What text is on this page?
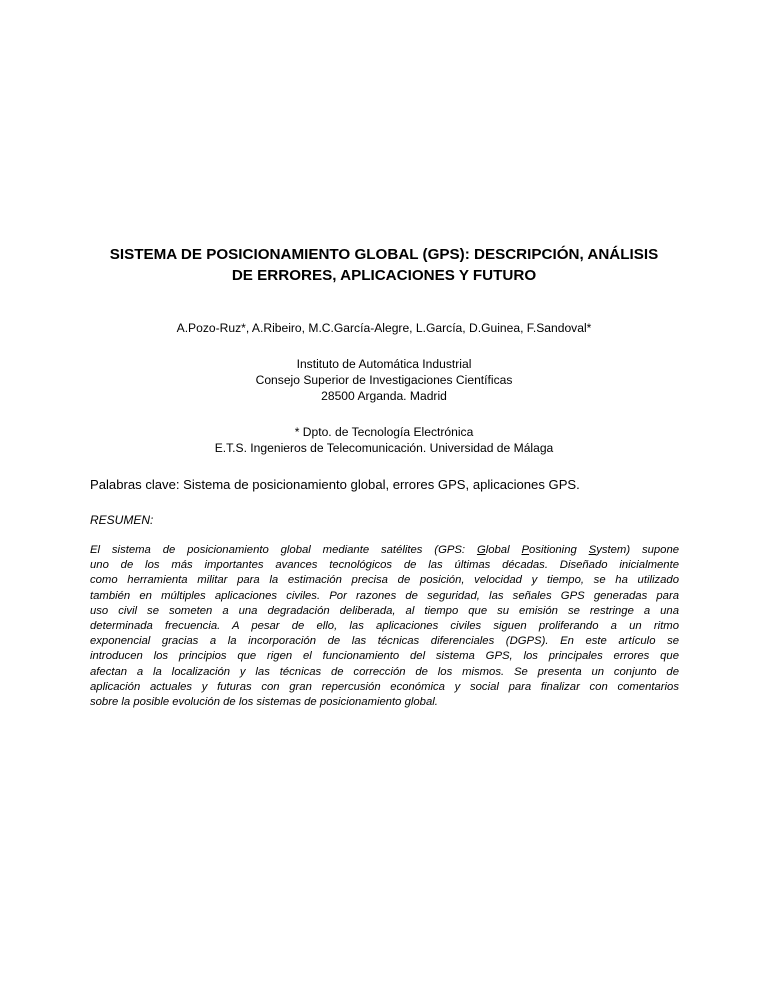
SISTEMA DE POSICIONAMIENTO GLOBAL (GPS): DESCRIPCIÓN, ANÁLISIS
DE ERRORES, APLICACIONES Y FUTURO

A.Pozo-Ruz*, A.Ribeiro, M.C.García-Alegre, L.García, D.Guinea, F.Sandoval*

Instituto de Automática Industrial

Consejo Superior de Investigaciones Científicas

28500 Arganda. Madrid

* Dpto. de Tecnología Electrónica

E.T.S. Ingenieros de Telecomunicación. Universidad de Málaga

Palabras clave: Sistema de posicionamiento global, errores GPS, aplicaciones GPS.

RESUMEN:

El sistema de posicionamiento global mediante satélites (GPS: Global Positioning System) supone
uno de los más importantes avances tecnológicos de las últimas décadas. Diseñado inicialmente
como herramienta militar para la estimación precisa de posición, velocidad y tiempo, se ha utilizado
también en múltiples aplicaciones civiles. Por razones de seguridad, las señales GPS generadas para
uso civil se someten a una degradación deliberada, al tiempo que su emisión se restringe a una
determinada frecuencia. A pesar de ello, las aplicaciones civiles siguen proliferando a un ritmo
exponencial gracias a la incorporación de las técnicas diferenciales (DGPS). En este artículo se
introducen los principios que rigen el funcionamiento del sistema GPS, los principales errores que
afectan a la localización y las técnicas de corrección de los mismos. Se presenta un conjunto de
aplicación actuales y futuras con gran repercusión económica y social para finalizar con comentarios
sobre la posible evolución de los sistemas de posicionamiento global.
